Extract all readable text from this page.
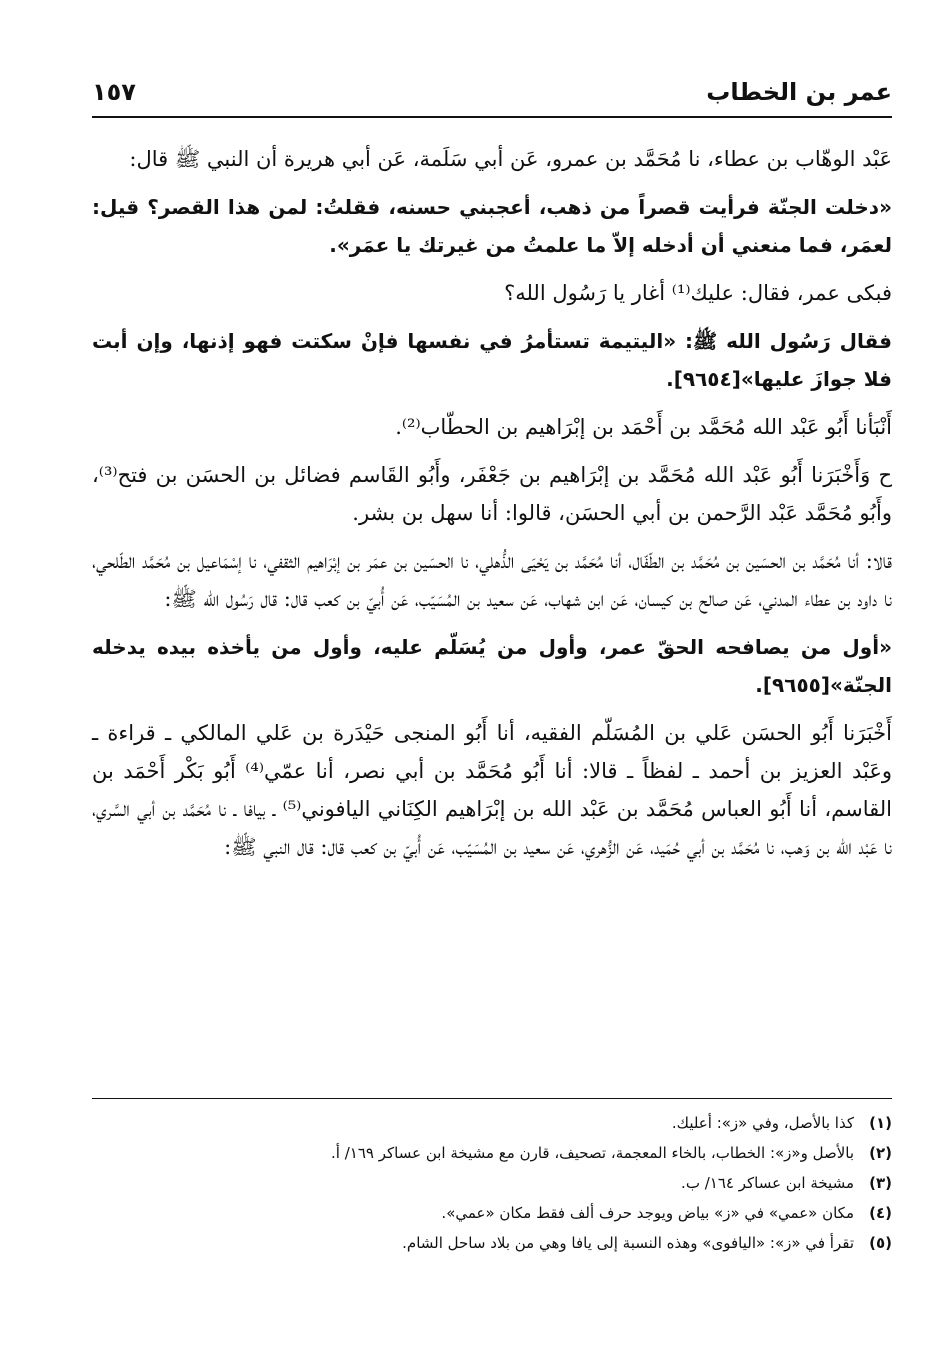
عمر بن الخطاب
١٥٧

عَبْد الوهّاب بن عطاء، نا مُحَمَّد بن عمرو، عَن أبي سَلَمة، عَن أبي هريرة أن النبي ﷺ قال:

«دخلت الجنّة فرأيت قصراً من ذهب، أعجبني حسنه، فقلتُ: لمن هذا القصر؟ قيل: لعمَر، فما منعني أن أدخله إلاّ ما علمتُ من غيرتك يا عمَر».

فبكى عمر، فقال: عليك⁽¹⁾ أغار يا رَسُول الله؟

فقال رَسُول الله ﷺ: «اليتيمة تستأمرُ في نفسها فإنْ سكتت فهو إذنها، وإن أبت فلا جوازَ عليها»[٩٦٥٤].

أَنْبَأنا أَبُو عَبْد الله مُحَمَّد بن أَحْمَد بن إبْرَاهيم بن الحطّاب⁽²⁾.

ح وَأَخْبَرَنا أَبُو عَبْد الله مُحَمَّد بن إبْرَاهيم بن جَعْفَر، وأَبُو القَاسم فضائل بن الحسَن بن فتح⁽³⁾، وأَبُو مُحَمَّد عَبْد الرَّحمن بن أبي الحسَن، قالوا: أنا سهل بن بشر.

قالا: أنا مُحَمَّد بن الحسَين بن مُحَمَّد بن الطّفّال، أنا مُحَمَّد بن يَحْيَى الذُّهلي، نا الحسَين بن عمَر بن إبْرَاهيم الثقفي، نا إسْمَاعيل بن مُحَمَّد الطّلحي، نا داود بن عطاء المدني، عَن صالح بن كيسان، عَن ابن شهاب، عَن سعيد بن المُسَيّب، عَن أُبيّ بن كعب قال: قال رَسُول الله ﷺ:

«أول من يصافحه الحقّ عمر، وأول من يُسَلّم عليه، وأول من يأخذه بيده يدخله الجنّة»[٩٦٥٥].

أَخْبَرَنا أَبُو الحسَن عَلي بن المُسَلّم الفقيه، أنا أَبُو المنجى حَيْدَرة بن عَلي المالكي ـ قراءة ـ وعَبْد العزيز بن أحمد ـ لفظاً ـ قالا: أنا أَبُو مُحَمَّد بن أبي نصر، أنا عمّي⁽⁴⁾ أَبُو بَكْر أَحْمَد بن القاسم، أنا أَبُو العباس مُحَمَّد بن عَبْد الله بن إبْرَاهيم الكِنَاني اليافوني⁽⁵⁾ ـ بيافا ـ نا مُحَمَّد بن أبي السَّري، نا عَبْد الله بن وَهب، نا مُحَمَّد بن أبي حُمَيد، عَن الزُّهري، عَن سعيد بن المُسَيّب، عَن أُبيّ بن كعب قال: قال النبي ﷺ:

(١)
كذا بالأصل، وفي «ز»: أعليك.
(٢)
بالأصل و«ز»: الخطاب، بالخاء المعجمة، تصحيف، قارن مع مشيخة ابن عساكر ١٦٩/ أ.
(٣)
مشيخة ابن عساكر ١٦٤/ ب.
(٤)
مكان «عمي» في «ز» بياض ويوجد حرف ألف فقط مكان «عمي».
(٥)
تقرأ في «ز»: «اليافوى» وهذه النسبة إلى يافا وهي من بلاد ساحل الشام.
